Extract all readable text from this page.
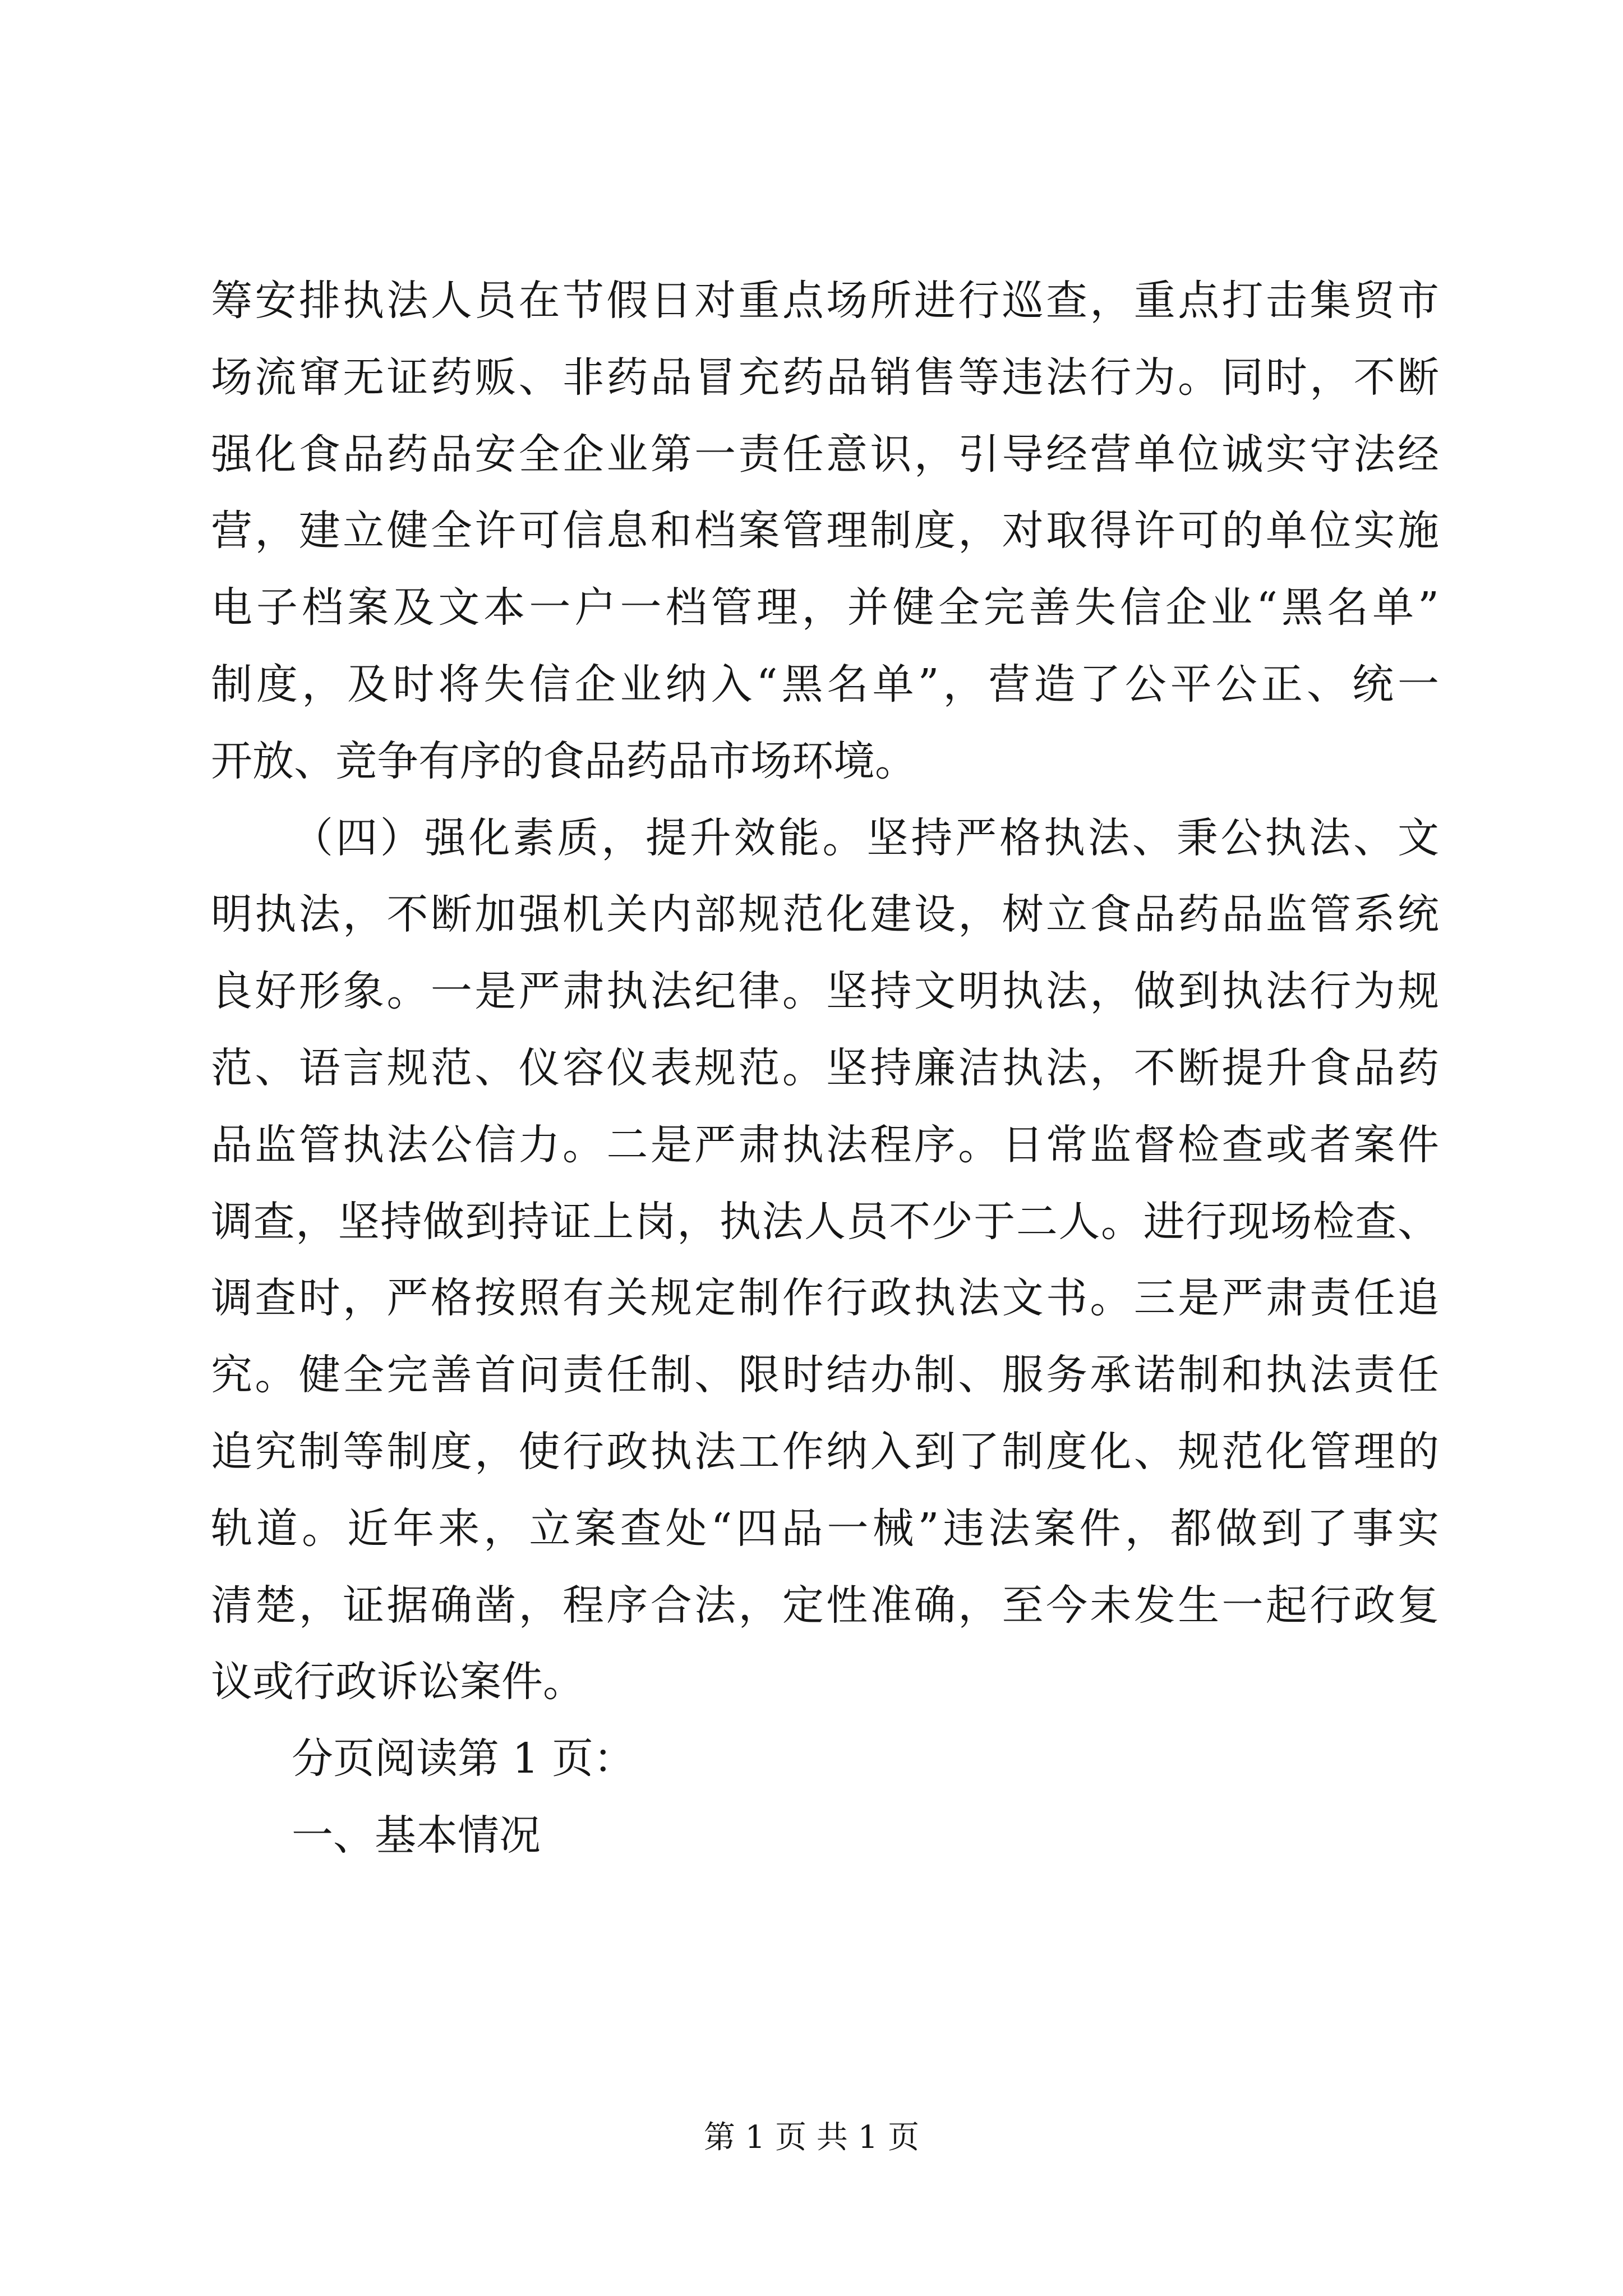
筹安排执法人员在节假日对重点场所进行巡查，重点打击集贸市
场流窜无证药贩、非药品冒充药品销售等违法行为。同时，不断
强化食品药品安全企业第一责任意识，引导经营单位诚实守法经
营，建立健全许可信息和档案管理制度，对取得许可的单位实施
电子档案及文本一户一档管理，并健全完善失信企业“黑名单”
制度，及时将失信企业纳入“黑名单”，营造了公平公正、统一
开放、竞争有序的食品药品市场环境。
（四）强化素质，提升效能。坚持严格执法、秉公执法、文
明执法，不断加强机关内部规范化建设，树立食品药品监管系统
良好形象。一是严肃执法纪律。坚持文明执法，做到执法行为规
范、语言规范、仪容仪表规范。坚持廉洁执法，不断提升食品药
品监管执法公信力。二是严肃执法程序。日常监督检查或者案件
调查，坚持做到持证上岗，执法人员不少于二人。进行现场检查、
调查时，严格按照有关规定制作行政执法文书。三是严肃责任追
究。健全完善首问责任制、限时结办制、服务承诺制和执法责任
追究制等制度，使行政执法工作纳入到了制度化、规范化管理的
轨道。近年来，立案查处“四品一械”违法案件，都做到了事实
清楚，证据确凿，程序合法，定性准确，至今未发生一起行政复
议或行政诉讼案件。
分页阅读第 1 页：
一、基本情况
第 1 页 共 1 页
